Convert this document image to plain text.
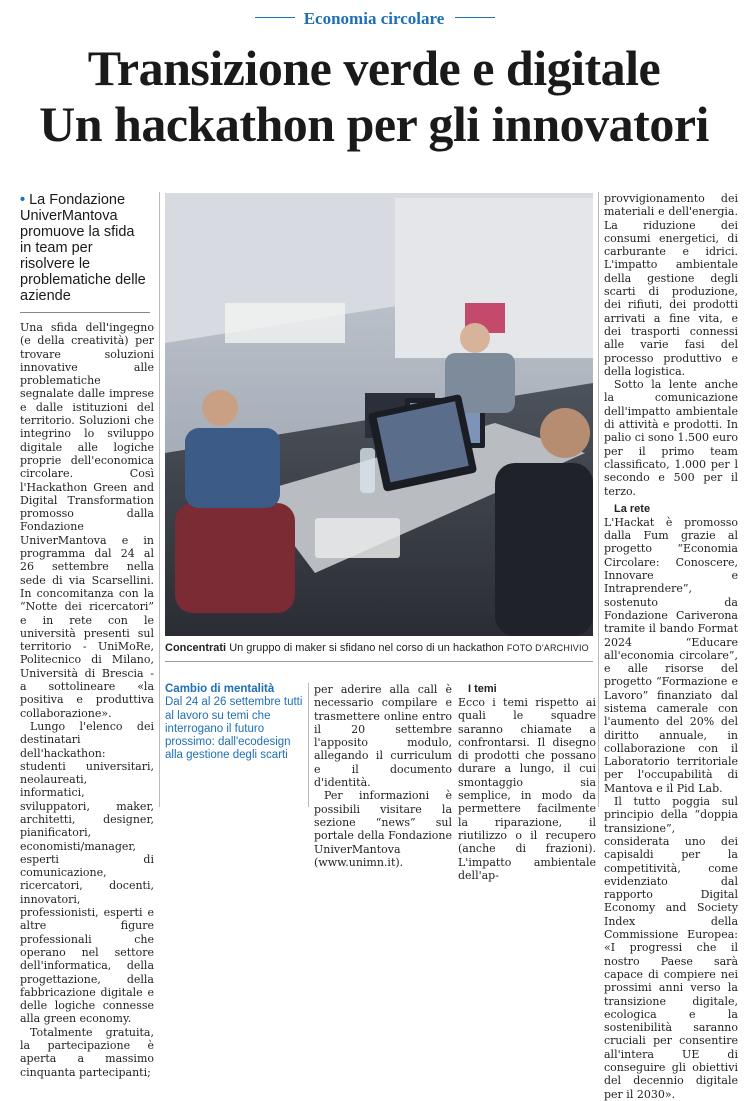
Economia circolare
Transizione verde e digitale
Un hackathon per gli innovatori
• La Fondazione UniverMantova promuove la sfida in team per risolvere le problematiche delle aziende

Una sfida dell'ingegno (e della creatività) per trovare soluzioni innovative alle problematiche segnalate dalle imprese e dalle istituzioni del territorio. Soluzioni che integrino lo sviluppo digitale alle logiche proprie dell'economica circolare. Così l'Hackathon Green and Digital Transformation promosso dalla Fondazione UniverMantova e in programma dal 24 al 26 settembre nella sede di via Scarsellini. In concomitanza con la “Notte dei ricercatori” e in rete con le università presenti sul territorio - UniMoRe, Politecnico di Milano, Università di Brescia - a sottolineare «la positiva e produttiva collaborazione».

Lungo l'elenco dei destinatari dell'hackathon: studenti universitari, neolaureati, informatici, sviluppatori, maker, architetti, designer, pianificatori, economisti/manager, esperti di comunicazione, ricercatori, docenti, innovatori, professionisti, esperti e altre figure professionali che operano nel settore dell'informatica, della progettazione, della fabbricazione digitale e delle logiche connesse alla green economy.

Totalmente gratuita, la partecipazione è aperta a massimo cinquanta partecipanti;

Concentrati Un gruppo di maker si sfidano nel corso di un hackathon FOTO D'ARCHIVIO
Cambio di mentalità
Dal 24 al 26 settembre tutti al lavoro su temi che interrogano il futuro prossimo: dall'ecodesign alla gestione degli scarti

per aderire alla call è necessario compilare e trasmettere online entro il 20 settembre l'apposito modulo, allegando il curriculum e il documento d'identità.

Per informazioni è possibili visitare la sezione “news” sul portale della Fondazione UniverMantova (www.unimn.it).

I temi

Ecco i temi rispetto ai quali le squadre saranno chiamate a confrontarsi. Il disegno di prodotti che possano durare a lungo, il cui smontaggio sia semplice, in modo da permettere facilmente la riparazione, il riutilizzo o il recupero (anche di frazioni). L'impatto ambientale dell'ap-

provvigionamento dei materiali e dell'energia. La riduzione dei consumi energetici, di carburante e idrici. L'impatto ambientale della gestione degli scarti di produzione, dei rifiuti, dei prodotti arrivati a fine vita, e dei trasporti connessi alle varie fasi del processo produttivo e della logistica.

Sotto la lente anche la comunicazione dell'impatto ambientale di attività e prodotti. In palio ci sono 1.500 euro per il primo team classificato, 1.000 per l secondo e 500 per il terzo.

La rete

L'Hackat è promosso dalla Fum grazie al progetto “Economia Circolare: Conoscere, Innovare e Intraprendere”, sostenuto da Fondazione Cariverona tramite il bando Format 2024 “Educare all'economia circolare”, e alle risorse del progetto “Formazione e Lavoro” finanziato dal sistema camerale con l'aumento del 20% del diritto annuale, in collaborazione con il Laboratorio territoriale per l'occupabilità di Mantova e il Pid Lab.

Il tutto poggia sul principio della “doppia transizione”, considerata uno dei capisaldi per la competitività, come evidenziato dal rapporto Digital Economy and Society Index della Commissione Europea: «I progressi che il nostro Paese sarà capace di compiere nei prossimi anni verso la transizione digitale, ecologica e la sostenibilità saranno cruciali per consentire all'intera UE di conseguire gli obiettivi del decennio digitale per il 2030».
